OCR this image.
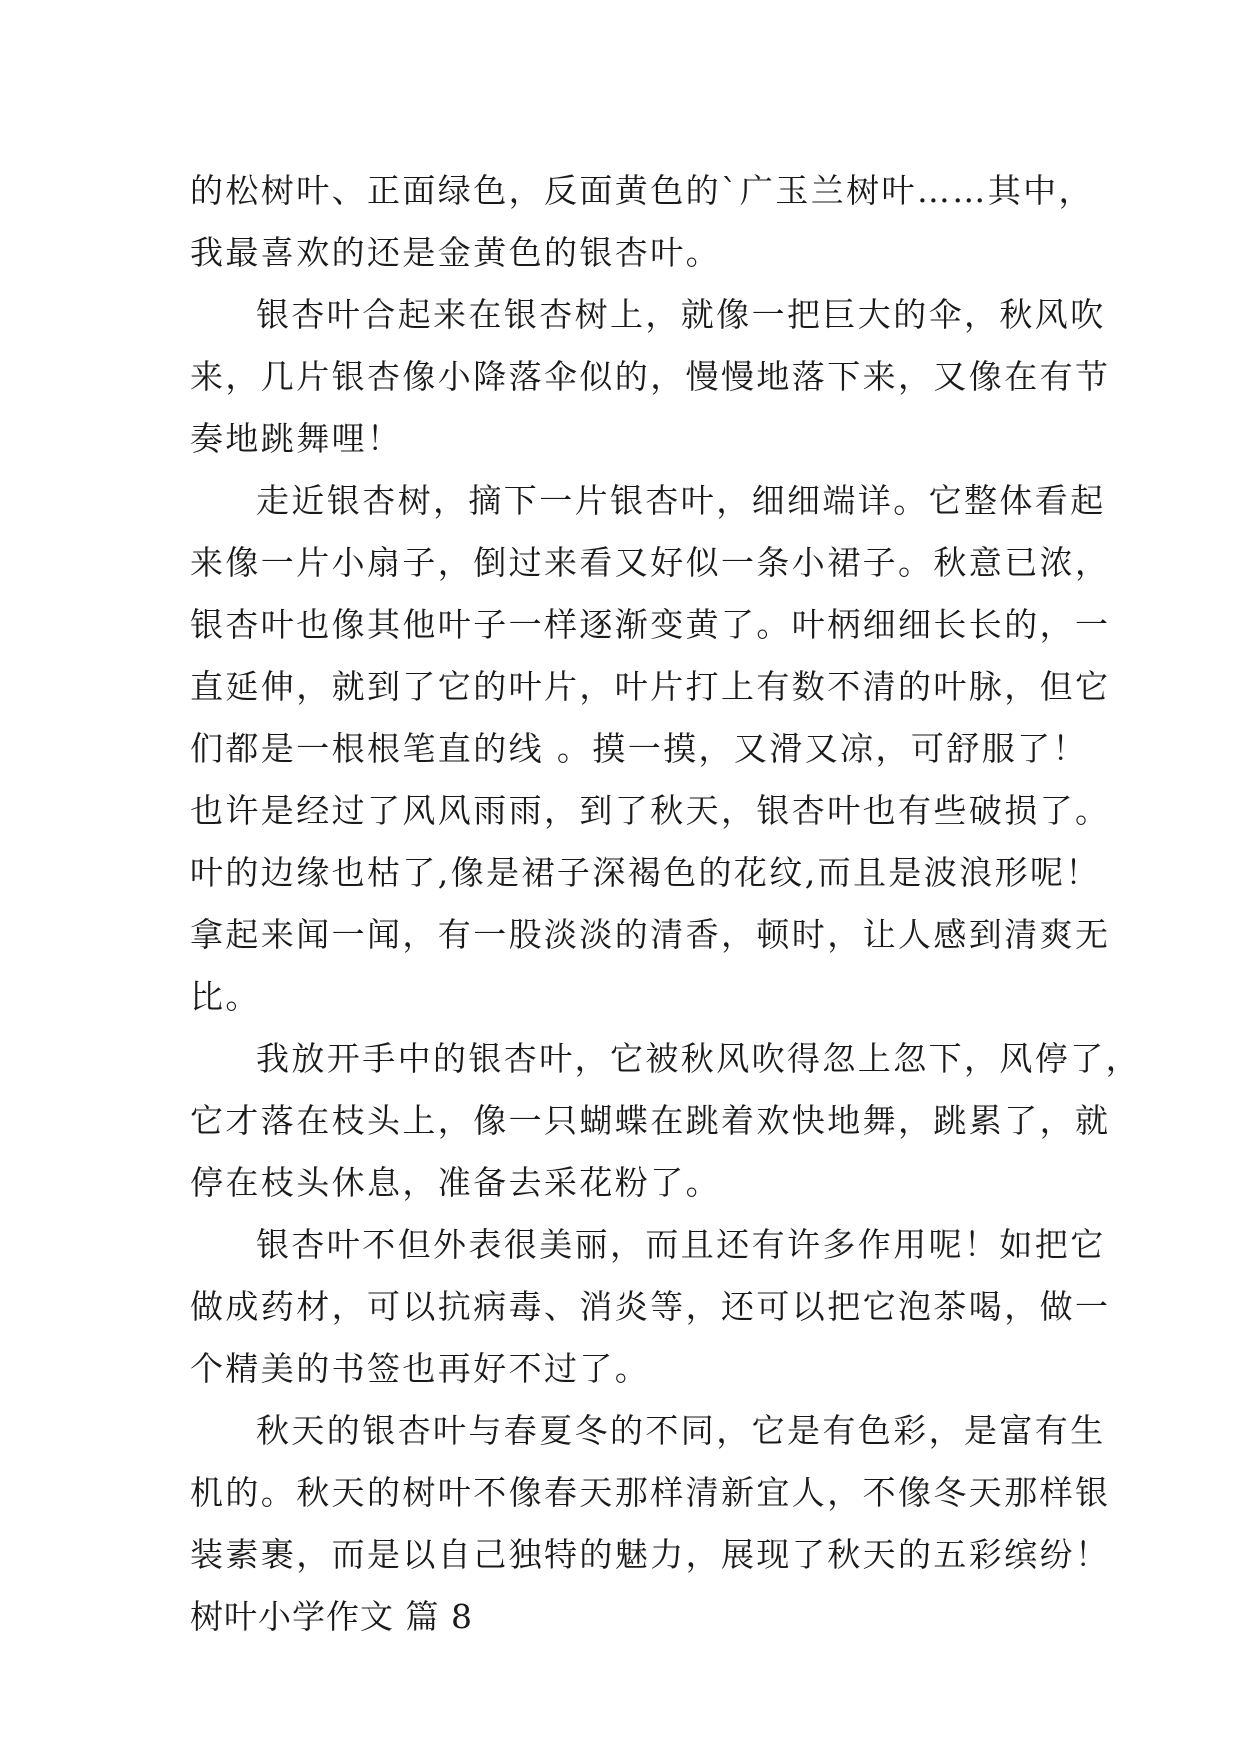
的松树叶、正面绿色，反面黄色的`广玉兰树叶……其中，
我最喜欢的还是金黄色的银杏叶。
银杏叶合起来在银杏树上，就像一把巨大的伞，秋风吹
来，几片银杏像小降落伞似的，慢慢地落下来，又像在有节
奏地跳舞哩！
走近银杏树，摘下一片银杏叶，细细端详。它整体看起
来像一片小扇子，倒过来看又好似一条小裙子。秋意已浓，
银杏叶也像其他叶子一样逐渐变黄了。叶柄细细长长的，一
直延伸，就到了它的叶片，叶片打上有数不清的叶脉，但它
们都是一根根笔直的线 。摸一摸，又滑又凉，可舒服了！
也许是经过了风风雨雨，到了秋天，银杏叶也有些破损了。
叶的边缘也枯了,像是裙子深褐色的花纹,而且是波浪形呢！
拿起来闻一闻，有一股淡淡的清香，顿时，让人感到清爽无
比。
我放开手中的银杏叶，它被秋风吹得忽上忽下，风停了，
它才落在枝头上，像一只蝴蝶在跳着欢快地舞，跳累了，就
停在枝头休息，准备去采花粉了。
银杏叶不但外表很美丽，而且还有许多作用呢！如把它
做成药材，可以抗病毒、消炎等，还可以把它泡茶喝，做一
个精美的书签也再好不过了。
秋天的银杏叶与春夏冬的不同，它是有色彩，是富有生
机的。秋天的树叶不像春天那样清新宜人，不像冬天那样银
装素裹，而是以自己独特的魅力，展现了秋天的五彩缤纷！
树叶小学作文 篇 8
